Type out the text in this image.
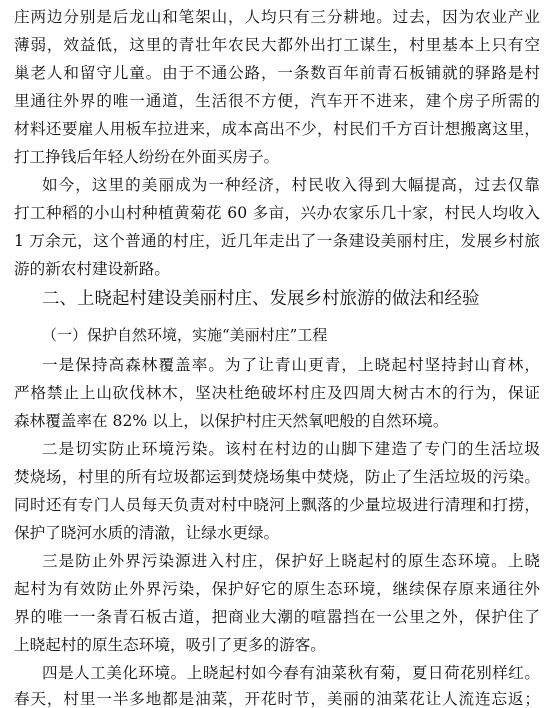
庄两边分别是后龙山和笔架山，人均只有三分耕地。过去，因为农业产业
薄弱，效益低，这里的青壮年农民大都外出打工谋生，村里基本上只有空
巢老人和留守儿童。由于不通公路，一条数百年前青石板铺就的驿路是村
里通往外界的唯一通道，生活很不方便，汽车开不进来，建个房子所需的
材料还要雇人用板车拉进来，成本高出不少，村民们千方百计想搬离这里，
打工挣钱后年轻人纷纷在外面买房子。
如今，这里的美丽成为一种经济，村民收入得到大幅提高，过去仅靠
打工种稻的小山村种植黄菊花 60 多亩，兴办农家乐几十家，村民人均收入
1 万余元，这个普通的村庄，近几年走出了一条建设美丽村庄，发展乡村旅
游的新农村建设新路。
二、上晓起村建设美丽村庄、发展乡村旅游的做法和经验
（一）保护自然环境，实施“美丽村庄”工程
一是保持高森林覆盖率。为了让青山更青，上晓起村坚持封山育林，
严格禁止上山砍伐林木，坚决杜绝破坏村庄及四周大树古木的行为，保证
森林覆盖率在 82% 以上，以保护村庄天然氧吧般的自然环境。
二是切实防止环境污染。该村在村边的山脚下建造了专门的生活垃圾
焚烧场，村里的所有垃圾都运到焚烧场集中焚烧，防止了生活垃圾的污染。
同时还有专门人员每天负责对村中晓河上飘落的少量垃圾进行清理和打捞，
保护了晓河水质的清澈，让绿水更绿。
三是防止外界污染源进入村庄，保护好上晓起村的原生态环境。上晓
起村为有效防止外界污染，保护好它的原生态环境，继续保存原来通往外
界的唯一一条青石板古道，把商业大潮的喧嚣挡在一公里之外，保护住了
上晓起村的原生态环境，吸引了更多的游客。
四是人工美化环境。上晓起村如今春有油菜秋有菊，夏日荷花别样红。
春天，村里一半多地都是油菜，开花时节，美丽的油菜花让人流连忘返；
